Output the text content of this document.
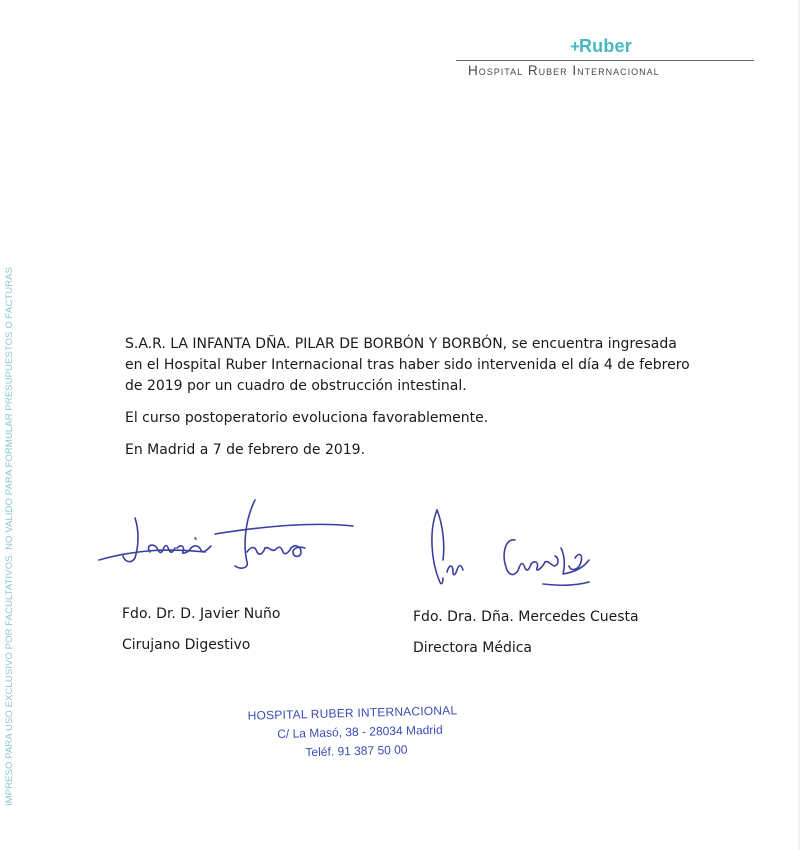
+ Ruber
Hospital Ruber Internacional
IMPRESO PARA USO EXCLUSIVO POR FACULTATIVOS. NO VALIDO PARA FORMULAR PRESUPUESTOS O FACTURAS	S.A.R. LA INFANTA DÑA. PILAR DE BORBÓN Y BORBÓN, se encuentra ingresada
en el Hospital Ruber Internacional tras haber sido intervenida el día 4 de febrero
de 2019 por un cuadro de obstrucción intestinal.

El curso postoperatorio evoluciona favorablemente.

En Madrid a 7 de febrero de 2019.

Fdo. Dr. D. Javier Nuño
Cirujano Digestivo
Fdo. Dra. Dña. Mercedes Cuesta
Directora Médica
HOSPITAL RUBER INTERNACIONAL
C/ La Masó, 38 - 28034 Madrid
Teléf. 91 387 50 00
